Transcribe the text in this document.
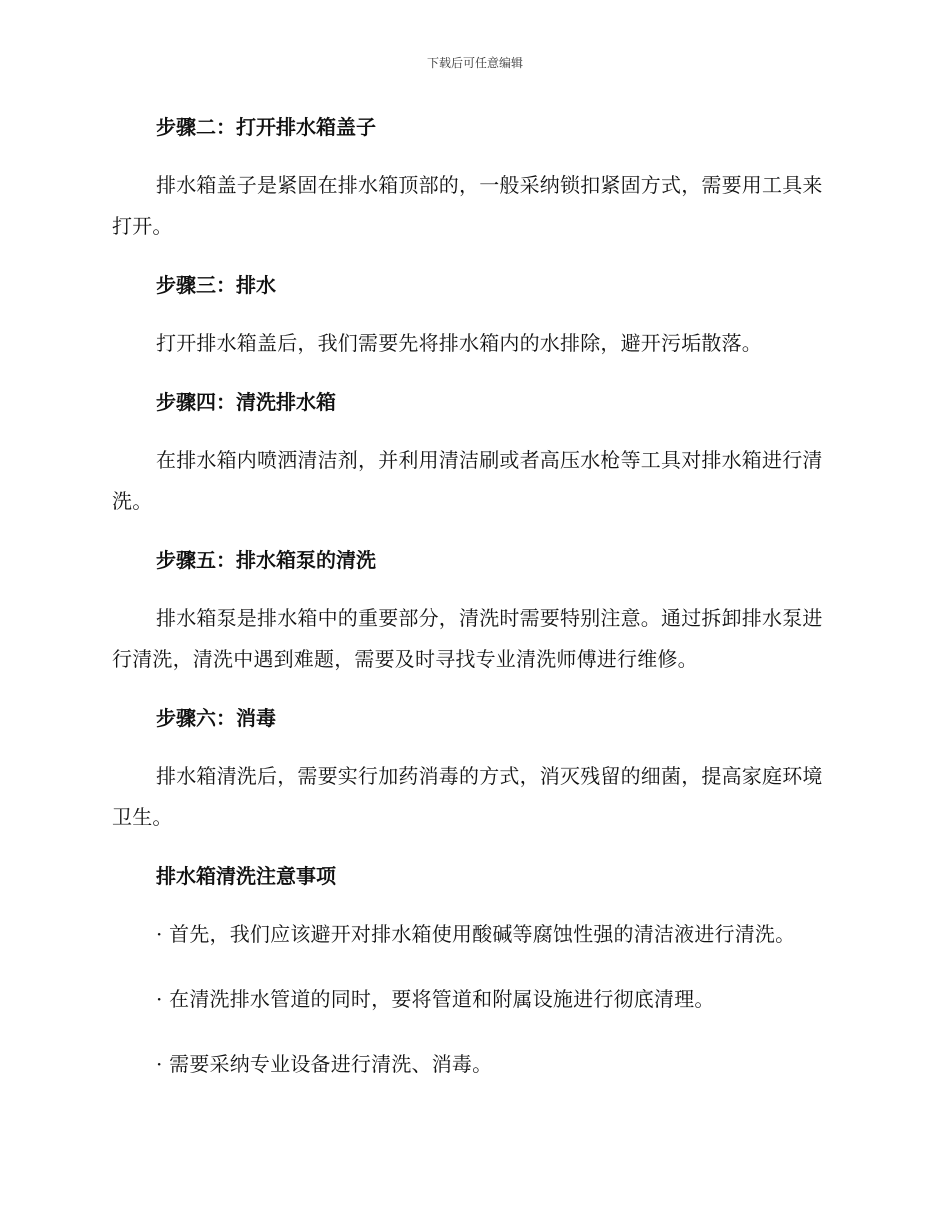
下载后可任意编辑
步骤二：打开排水箱盖子

排水箱盖子是紧固在排水箱顶部的，一般采纳锁扣紧固方式，需要用工具来打开。

步骤三：排水

打开排水箱盖后，我们需要先将排水箱内的水排除，避开污垢散落。

步骤四：清洗排水箱

在排水箱内喷洒清洁剂，并利用清洁刷或者高压水枪等工具对排水箱进行清洗。

步骤五：排水箱泵的清洗

排水箱泵是排水箱中的重要部分，清洗时需要特别注意。通过拆卸排水泵进行清洗，清洗中遇到难题，需要及时寻找专业清洗师傅进行维修。

步骤六：消毒

排水箱清洗后，需要实行加药消毒的方式，消灭残留的细菌，提高家庭环境卫生。

排水箱清洗注意事项

· 首先，我们应该避开对排水箱使用酸碱等腐蚀性强的清洁液进行清洗。

· 在清洗排水管道的同时，要将管道和附属设施进行彻底清理。

· 需要采纳专业设备进行清洗、消毒。
